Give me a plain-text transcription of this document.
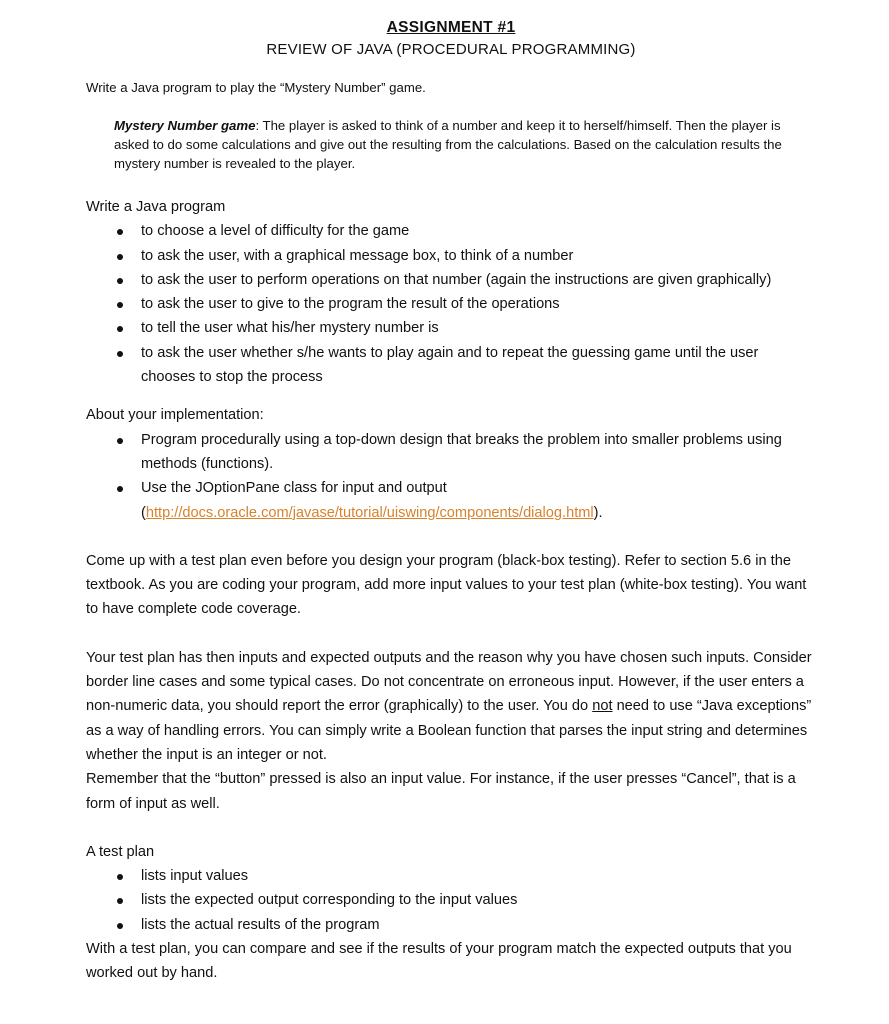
ASSIGNMENT #1

REVIEW OF JAVA (PROCEDURAL PROGRAMMING)

Write a Java program to play the “Mystery Number” game.

Mystery Number game: The player is asked to think of a number and keep it to herself/himself. Then the player is asked to do some calculations and give out the resulting from the calculations. Based on the calculation results the mystery number is revealed to the player.

Write a Java program

to choose a level of difficulty for the game
to ask the user, with a graphical message box, to think of a number
to ask the user to perform operations on that number (again the instructions are given graphically)
to ask the user to give to the program the result of the operations
to tell the user what his/her mystery number is
to ask the user whether s/he wants to play again and to repeat the guessing game until the user chooses to stop the process

About your implementation:

Program procedurally using a top-down design that breaks the problem into smaller problems using methods (functions).
Use the JOptionPane class for input and output
(http://docs.oracle.com/javase/tutorial/uiswing/components/dialog.html).

Come up with a test plan even before you design your program (black-box testing). Refer to section 5.6 in the textbook. As you are coding your program, add more input values to your test plan (white-box testing). You want to have complete code coverage.

Your test plan has then inputs and expected outputs and the reason why you have chosen such inputs. Consider border line cases and some typical cases. Do not concentrate on erroneous input. However, if the user enters a non-numeric data, you should report the error (graphically) to the user. You do not need to use “Java exceptions” as a way of handling errors. You can simply write a Boolean function that parses the input string and determines whether the input is an integer or not.

Remember that the “button” pressed is also an input value. For instance, if the user presses “Cancel”, that is a form of input as well.

A test plan

lists input values
lists the expected output corresponding to the input values
lists the actual results of the program

With a test plan, you can compare and see if the results of your program match the expected outputs that you worked out by hand.
